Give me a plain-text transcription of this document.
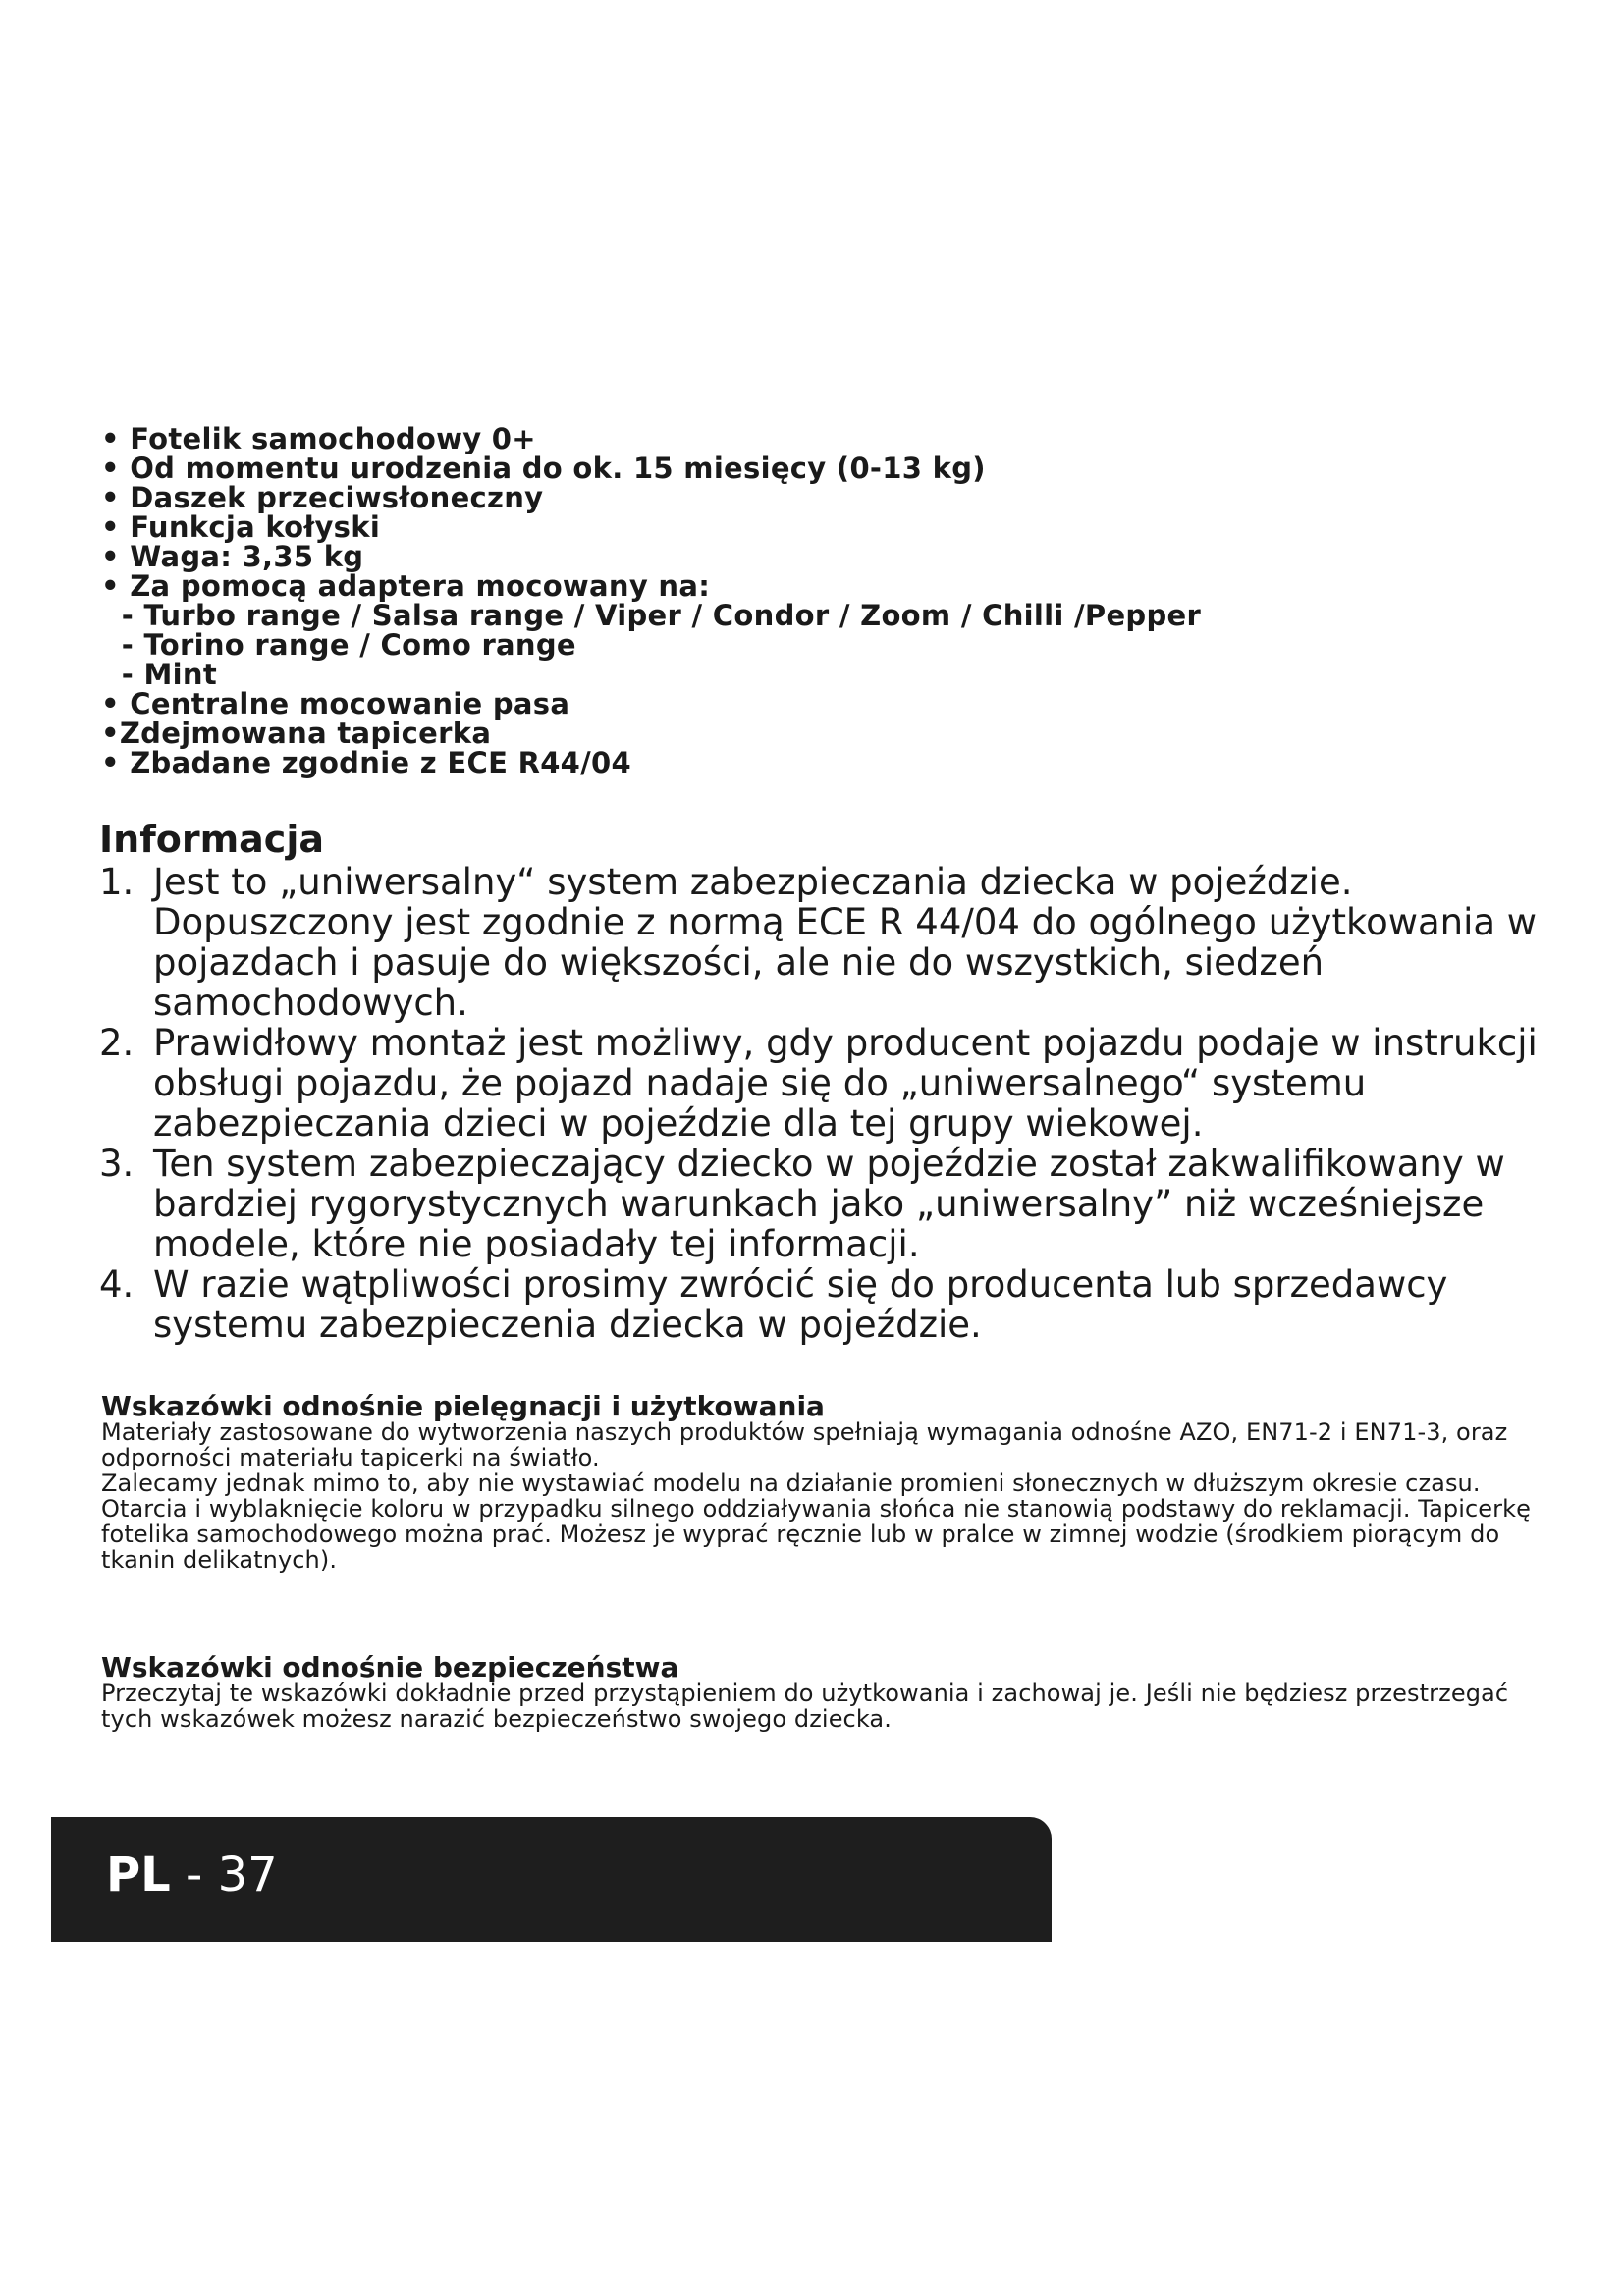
• Fotelik samochodowy 0+
• Od momentu urodzenia do ok. 15 miesięcy (0-13 kg)
• Daszek przeciwsłoneczny
• Funkcja kołyski
• Waga: 3,35 kg
• Za pomocą adaptera mocowany na:
- Turbo range / Salsa range / Viper / Condor / Zoom / Chilli /Pepper
- Torino range / Como range
- Mint
• Centralne mocowanie pasa
•Zdejmowana tapicerka
• Zbadane zgodnie z ECE R44/04
Informacja
1. Jest to „uniwersalny“ system zabezpieczania dziecka w pojeździe. Dopuszczony jest zgodnie z normą ECE R 44/04 do ogólnego użytkowania w pojazdach i pasuje do większości, ale nie do wszystkich, siedzeń samochodowych.
2. Prawidłowy montaż jest możliwy, gdy producent pojazdu podaje w instrukcji obsługi pojazdu, że pojazd nadaje się do „uniwersalnego“ systemu zabezpieczania dzieci w pojeździe dla tej grupy wiekowej.
3. Ten system zabezpieczający dziecko w pojeździe został zakwalifikowany w bardziej rygorystycznych warunkach jako „uniwersalny” niż wcześniejsze modele, które nie posiadały tej informacji.
4. W razie wątpliwości prosimy zwrócić się do producenta lub sprzedawcy systemu zabezpieczenia dziecka w pojeździe.
Wskazówki odnośnie pielęgnacji i użytkowania
Materiały zastosowane do wytworzenia naszych produktów spełniają wymagania odnośne AZO, EN71-2 i EN71-3, oraz odporności materiału tapicerki na światło.
Zalecamy jednak mimo to, aby nie wystawiać modelu na działanie promieni słonecznych w dłuższym okresie czasu. Otarcia i wyblaknięcie koloru w przypadku silnego oddziaływania słońca nie stanowią podstawy do reklamacji. Tapicerkę fotelika samochodowego można prać. Możesz je wyprać ręcznie lub w pralce w zimnej wodzie (środkiem piorącym do tkanin delikatnych).
Wskazówki odnośnie bezpieczeństwa
Przeczytaj te wskazówki dokładnie przed przystąpieniem do użytkowania i zachowaj je. Jeśli nie będziesz przestrzegać tych wskazówek możesz narazić bezpieczeństwo swojego dziecka.
PL - 37
